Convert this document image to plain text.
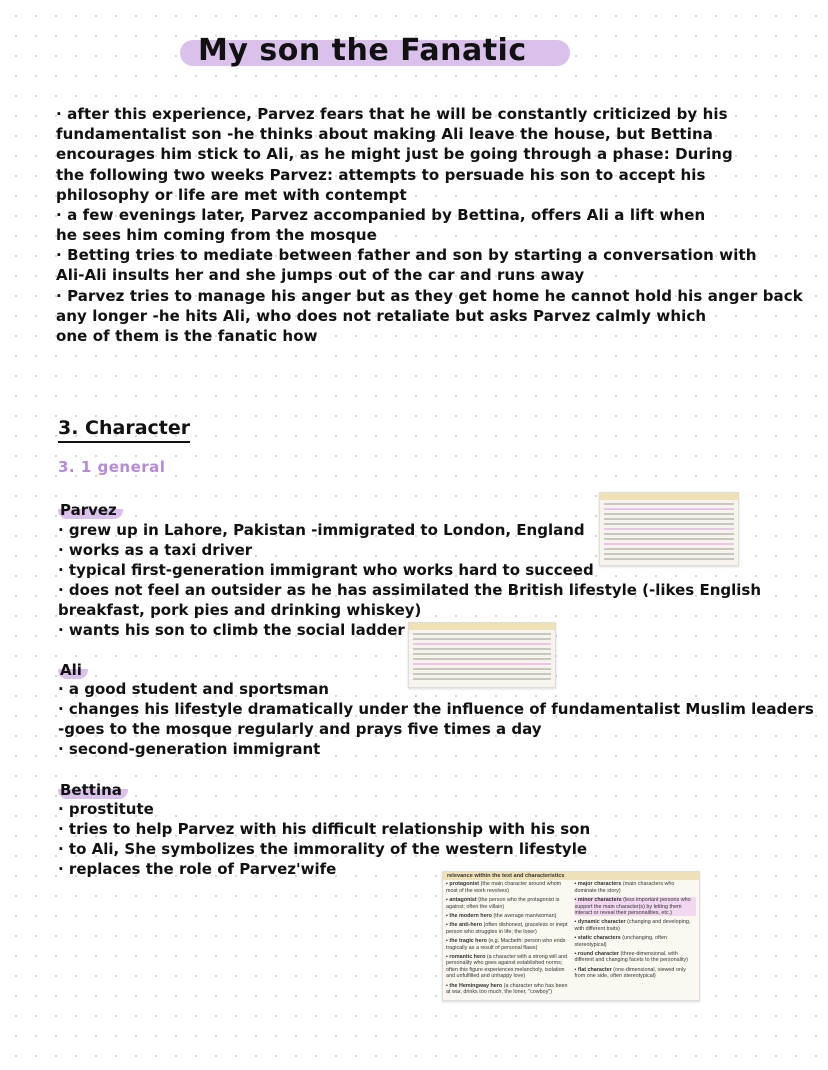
My son the Fanatic
· after this experience, Parvez fears that he will be constantly criticized by his
fundamentalist son -he thinks about making Ali leave the house, but Bettina
encourages him stick to Ali, as he might just be going through a phase: During
the following two weeks Parvez: attempts to persuade his son to accept his
philosophy or life are met with contempt
· a few evenings later, Parvez accompanied by Bettina, offers Ali a lift when
he sees him coming from the mosque
· Betting tries to mediate between father and son by starting a conversation with
Ali-Ali insults her and she jumps out of the car and runs away
· Parvez tries to manage his anger but as they get home he cannot hold his anger back
any longer -he hits Ali, who does not retaliate but asks Parvez calmly which
one of them is the fanatic how
3. Character
3. 1 general
Parvez
· grew up in Lahore, Pakistan -immigrated to London, England
· works as a taxi driver
· typical first-generation immigrant who works hard to succeed
· does not feel an outsider as he has assimilated the British lifestyle (-likes English
breakfast, pork pies and drinking whiskey)
· wants his son to climb the social ladder
Ali
· a good student and sportsman
· changes his lifestyle dramatically under the influence of fundamentalist Muslim leaders
-goes to the mosque regularly and prays five times a day
· second-generation immigrant
Bettina
· prostitute
· tries to help Parvez with his difficult relationship with his son
· to Ali, She symbolizes the immorality of the western lifestyle
· replaces the role of Parvez'wife	relevance within the text and characteristics
▪ protagonist (the main character around whom most of the work revolves)
▪ antagonist (the person who the protagonist is against; often the villain)
▪ the modern hero (the average man/woman)
▪ the anti-hero (often dishonest, graceless or inept person who struggles in life; the loser)
▪ the tragic hero (e.g. Macbeth: person who ends tragically as a result of personal flaws)
▪ romantic hero (a character with a strong will and personality who goes against established norms; often this figure experiences melancholy, isolation and unfulfilled and unhappy love)
▪ the Hemingway hero (a character who has been at war, drinks too much, the loner, "cowboy")
▪ major characters (main characters who dominate the story)
▪ minor characters (less important persons who support the main character(s) by letting them interact or reveal their personalities, etc.)
▪ dynamic character (changing and developing, with different traits)
▪ static characters (unchanging, often stereotypical)
▪ round character (three-dimensional, with different and changing facets to the personality)
▪ flat character (one-dimensional, viewed only from one side, often stereotypical)
